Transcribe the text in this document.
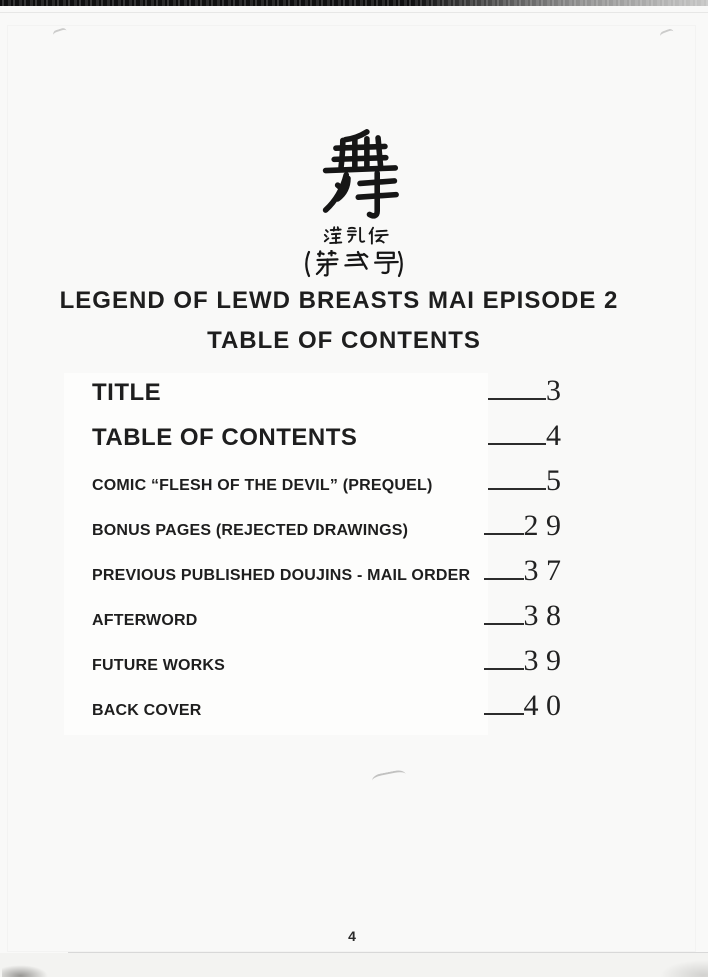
LEGEND OF LEWD BREASTS MAI EPISODE 2
TABLE OF CONTENTS
TITLE	3
TABLE OF CONTENTS	4
COMIC “FLESH OF THE DEVIL” (PREQUEL)	5
BONUS PAGES (REJECTED DRAWINGS)	2 9
PREVIOUS PUBLISHED DOUJINS - MAIL ORDER 3 7
AFTERWORD	3 8
FUTURE WORKS	3 9
BACK COVER	4 0
4
